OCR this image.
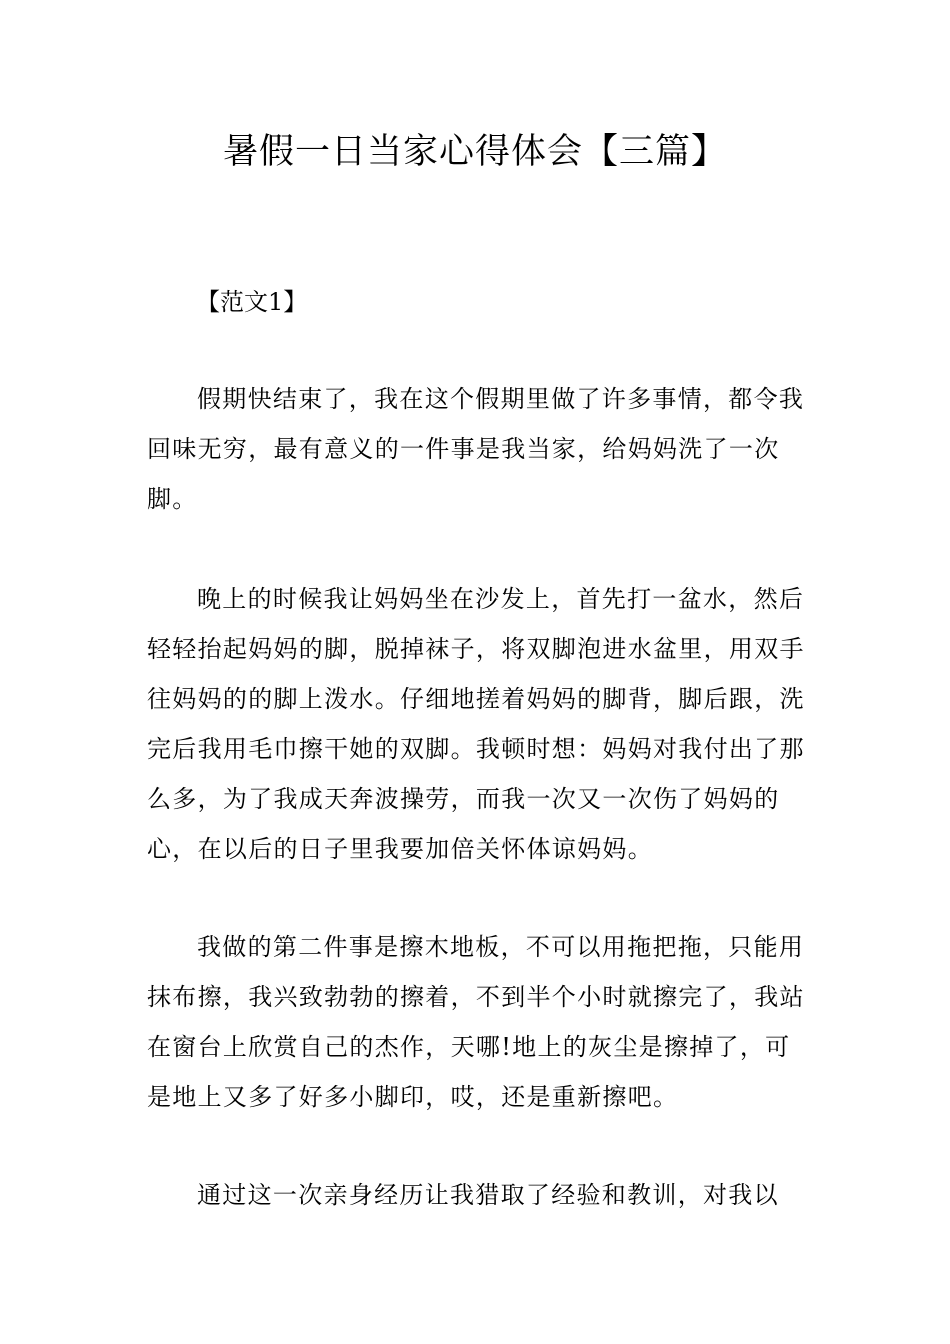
暑假一日当家心得体会【三篇】

【范文1】

假期快结束了，我在这个假期里做了许多事情，都令我回味无穷，最有意义的一件事是我当家，给妈妈洗了一次脚。

晚上的时候我让妈妈坐在沙发上，首先打一盆水，然后轻轻抬起妈妈的脚，脱掉袜子，将双脚泡进水盆里，用双手往妈妈的的脚上泼水。仔细地搓着妈妈的脚背，脚后跟，洗完后我用毛巾擦干她的双脚。我顿时想：妈妈对我付出了那么多，为了我成天奔波操劳，而我一次又一次伤了妈妈的心，在以后的日子里我要加倍关怀体谅妈妈。

我做的第二件事是擦木地板，不可以用拖把拖，只能用抹布擦，我兴致勃勃的擦着，不到半个小时就擦完了，我站在窗台上欣赏自己的杰作，天哪!地上的灰尘是擦掉了，可是地上又多了好多小脚印，哎，还是重新擦吧。

通过这一次亲身经历让我猎取了经验和教训，对我以
